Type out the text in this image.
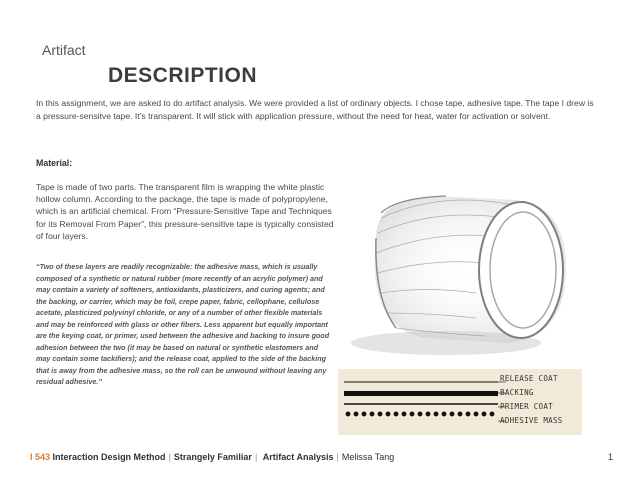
Artifact
DESCRIPTION
In this assignment, we are asked to do artifact analysis. We were provided a list of ordinary objects. I chose tape, adhesive tape. The tape I drew is a pressure-sensitve tape. It’s transparent. It will stick with application pressure, without the need for heat, water for activation or solvent.
Material:
Tape is made of two parts. The transparent film is wrapping the white plastic hollow column. According to the package, the tape is made of polypropylene, which is an artificial chemical. From “Pressure-Sensitive Tape and Techniques for its Removal From Paper”, this pressure-sensitive tape is typically consisted of four layers.
“Two of these layers are readily recognizable: the adhesive mass, which is usually composed of a synthetic or natural rubber (more recently of an acrylic polymer) and may contain a variety of softeners, antioxidants, plasticizers, and curing agents; and the backing, or carrier, which may be foil, crepe paper, fabric, cellophane, cellulose acetate, plasticized polyvinyl chloride, or any of a number of other flexible materials and may be reinforced with glass or other fibers. Less apparent but equally important are the keying coat, or primer, used between the adhesive and backing to insure good adhesion between the two (it may be based on natural or synthetic elastomers and may contain some tackifiers); and the release coat, applied to the side of the backing that is away from the adhesive mass, so the roll can be unwound without leaving any residual adhesive.”	RELEASE COAT
BACKING
PRIMER COAT
ADHESIVE MASS
I 543 Interaction Design Method | Strangely Familiar | Artifact Analysis | Melissa Tang	1
